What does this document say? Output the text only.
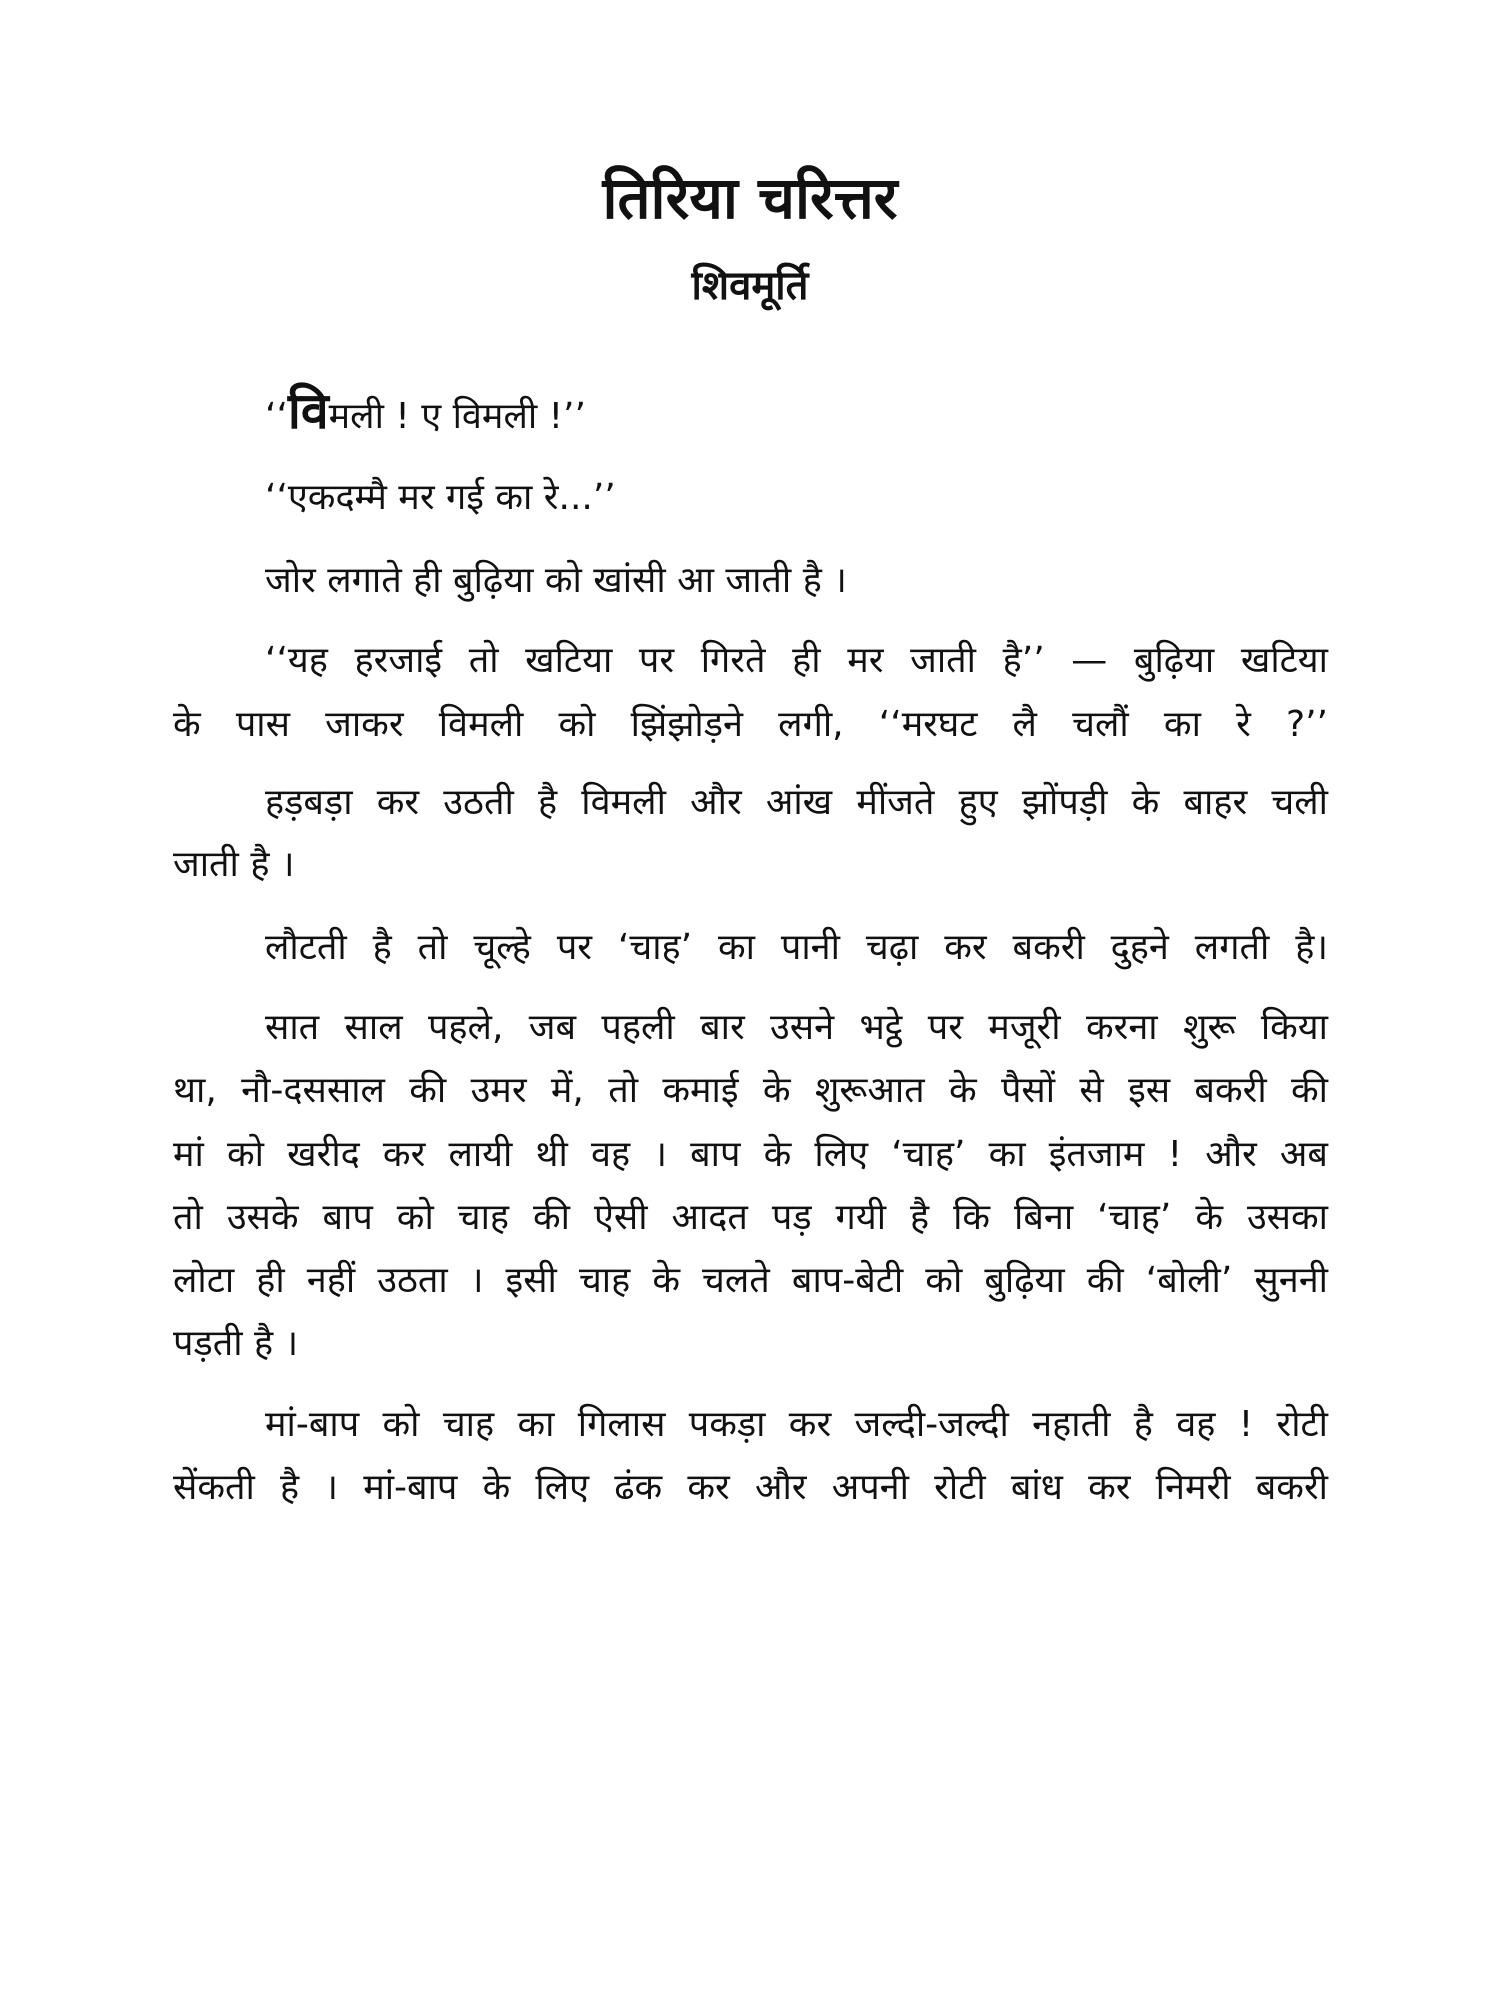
तिरिया चरित्तर
शिवमूर्ति
‘‘विमली ! ए विमली !’’
‘‘एकदम्मै मर गई का रे...’’
जोर लगाते ही बुढ़िया को खांसी आ जाती है ।
‘‘यह हरजाई तो खटिया पर गिरते ही मर जाती है’’ — बुढ़िया खटिया
के पास जाकर विमली को झिंझोड़ने लगी, ‘‘मरघट लै चलौं का रे ?’’
हड़बड़ा कर उठती है विमली और आंख मींजते हुए झोंपड़ी के बाहर चली
जाती है ।
लौटती है तो चूल्हे पर ‘चाह’ का पानी चढ़ा कर बकरी दुहने लगती है।
सात साल पहले, जब पहली बार उसने भट्ठे पर मजूरी करना शुरू किया
था, नौ-दससाल की उमर में, तो कमाई के शुरूआत के पैसों से इस बकरी की
मां को खरीद कर लायी थी वह । बाप के लिए ‘चाह’ का इंतजाम ! और अब
तो उसके बाप को चाह की ऐसी आदत पड़ गयी है कि बिना ‘चाह’ के उसका
लोटा ही नहीं उठता । इसी चाह के चलते बाप-बेटी को बुढ़िया की ‘बोली’ सुननी
पड़ती है ।
मां-बाप को चाह का गिलास पकड़ा कर जल्दी-जल्दी नहाती है वह ! रोटी
सेंकती है । मां-बाप के लिए ढंक कर और अपनी रोटी बांध कर निमरी बकरी
